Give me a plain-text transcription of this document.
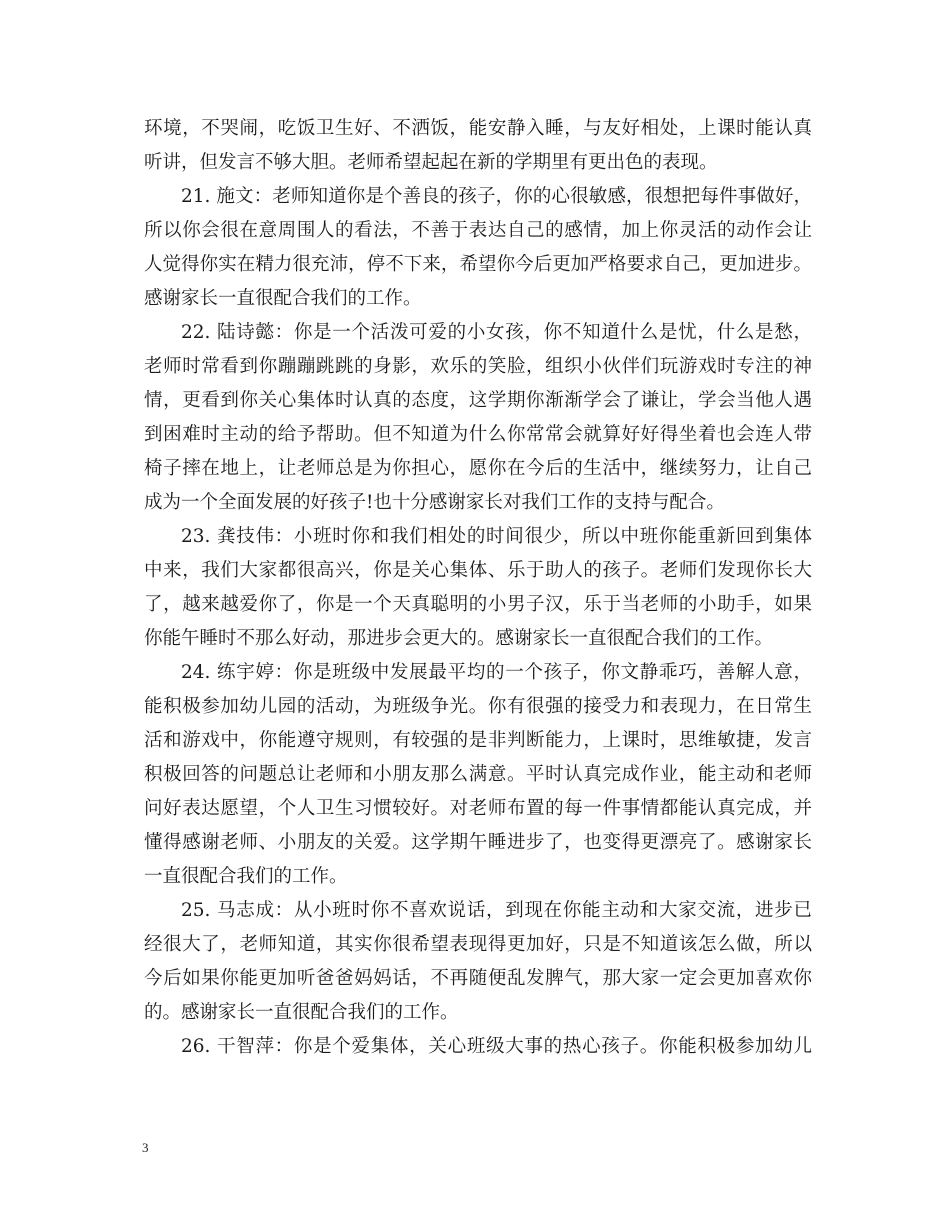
环境，不哭闹，吃饭卫生好、不洒饭，能安静入睡，与友好相处，上课时能认真
听讲，但发言不够大胆。老师希望起起在新的学期里有更出色的表现。
21. 施文：老师知道你是个善良的孩子，你的心很敏感，很想把每件事做好，
所以你会很在意周围人的看法，不善于表达自己的感情，加上你灵活的动作会让
人觉得你实在精力很充沛，停不下来，希望你今后更加严格要求自己，更加进步。
感谢家长一直很配合我们的工作。
22. 陆诗懿：你是一个活泼可爱的小女孩，你不知道什么是忧，什么是愁，
老师时常看到你蹦蹦跳跳的身影，欢乐的笑脸，组织小伙伴们玩游戏时专注的神
情，更看到你关心集体时认真的态度，这学期你渐渐学会了谦让，学会当他人遇
到困难时主动的给予帮助。但不知道为什么你常常会就算好好得坐着也会连人带
椅子摔在地上，让老师总是为你担心，愿你在今后的生活中，继续努力，让自己
成为一个全面发展的好孩子!也十分感谢家长对我们工作的支持与配合。
23. 龚技伟：小班时你和我们相处的时间很少，所以中班你能重新回到集体
中来，我们大家都很高兴，你是关心集体、乐于助人的孩子。老师们发现你长大
了，越来越爱你了，你是一个天真聪明的小男子汉，乐于当老师的小助手，如果
你能午睡时不那么好动，那进步会更大的。感谢家长一直很配合我们的工作。
24. 练宇婷：你是班级中发展最平均的一个孩子，你文静乖巧，善解人意，
能积极参加幼儿园的活动，为班级争光。你有很强的接受力和表现力，在日常生
活和游戏中，你能遵守规则，有较强的是非判断能力，上课时，思维敏捷，发言
积极回答的问题总让老师和小朋友那么满意。平时认真完成作业，能主动和老师
问好表达愿望，个人卫生习惯较好。对老师布置的每一件事情都能认真完成，并
懂得感谢老师、小朋友的关爱。这学期午睡进步了，也变得更漂亮了。感谢家长
一直很配合我们的工作。
25. 马志成：从小班时你不喜欢说话，到现在你能主动和大家交流，进步已
经很大了，老师知道，其实你很希望表现得更加好，只是不知道该怎么做，所以
今后如果你能更加听爸爸妈妈话，不再随便乱发脾气，那大家一定会更加喜欢你
的。感谢家长一直很配合我们的工作。
26. 干智萍：你是个爱集体，关心班级大事的热心孩子。你能积极参加幼儿
3
